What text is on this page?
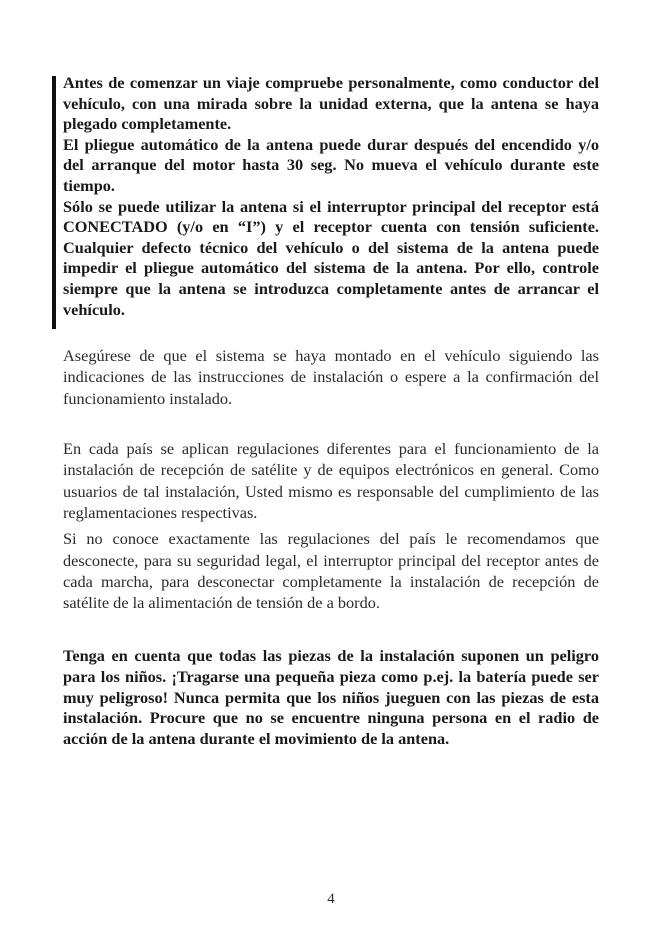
Antes de comenzar un viaje compruebe personalmente, como conductor del vehículo, con una mirada sobre la unidad externa, que la antena se haya plegado completamente.

El pliegue automático de la antena puede durar después del encendido y/o del arranque del motor hasta 30 seg. No mueva el vehículo durante este tiempo.

Sólo se puede utilizar la antena si el interruptor principal del receptor está CONECTADO (y/o en “I”) y el receptor cuenta con tensión suficiente. Cualquier defecto técnico del vehículo o del sistema de la antena puede impedir el pliegue automático del sistema de la antena. Por ello, controle siempre que la antena se introduzca completamente antes de arrancar el vehículo.

Asegúrese de que el sistema se haya montado en el vehículo siguiendo las indicaciones de las instrucciones de instalación o espere a la confirmación del funcionamiento instalado.

En cada país se aplican regulaciones diferentes para el funcionamiento de la instalación de recepción de satélite y de equipos electrónicos en general. Como usuarios de tal instalación, Usted mismo es responsable del cumplimiento de las reglamentaciones respectivas.

Si no conoce exactamente las regulaciones del país le recomendamos que desconecte, para su seguridad legal, el interruptor principal del receptor antes de cada marcha, para desconectar completamente la instalación de recepción de satélite de la alimentación de tensión de a bordo.

Tenga en cuenta que todas las piezas de la instalación suponen un peligro para los niños. ¡Tragarse una pequeña pieza como p.ej. la batería puede ser muy peligroso! Nunca permita que los niños jueguen con las piezas de esta instalación. Procure que no se encuentre ninguna persona en el radio de acción de la antena durante el movimiento de la antena.

4
